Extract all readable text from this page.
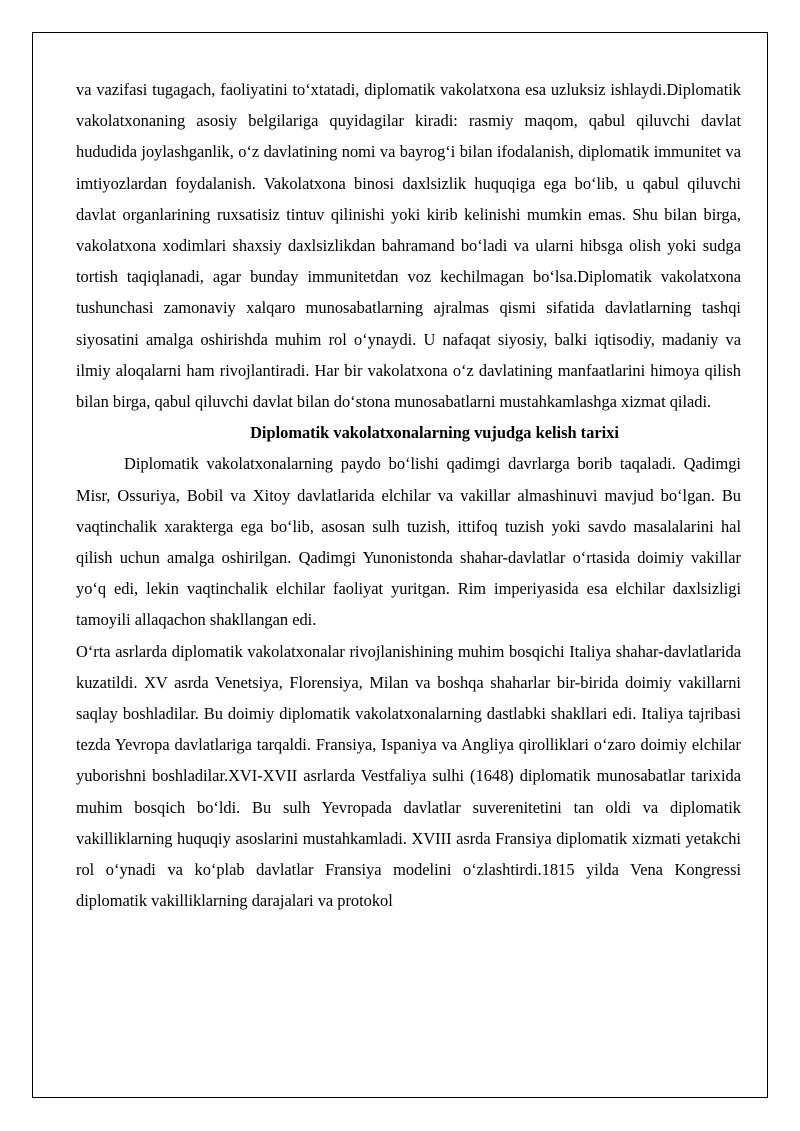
va vazifasi tugagach, faoliyatini to‘xtatadi, diplomatik vakolatxona esa uzluksiz ishlaydi.Diplomatik vakolatxonaning asosiy belgilariga quyidagilar kiradi: rasmiy maqom, qabul qiluvchi davlat hududida joylashganlik, o‘z davlatining nomi va bayrog‘i bilan ifodalanish, diplomatik immunitet va imtiyozlardan foydalanish. Vakolatxona binosi daxlsizlik huquqiga ega bo‘lib, u qabul qiluvchi davlat organlarining ruxsatisiz tintuv qilinishi yoki kirib kelinishi mumkin emas. Shu bilan birga, vakolatxona xodimlari shaxsiy daxlsizlikdan bahramand bo‘ladi va ularni hibsga olish yoki sudga tortish taqiqlanadi, agar bunday immunitetdan voz kechilmagan bo‘lsa.Diplomatik vakolatxona tushunchasi zamonaviy xalqaro munosabatlarning ajralmas qismi sifatida davlatlarning tashqi siyosatini amalga oshirishda muhim rol o‘ynaydi. U nafaqat siyosiy, balki iqtisodiy, madaniy va ilmiy aloqalarni ham rivojlantiradi. Har bir vakolatxona o‘z davlatining manfaatlarini himoya qilish bilan birga, qabul qiluvchi davlat bilan do‘stona munosabatlarni mustahkamlashga xizmat qiladi.

Diplomatik vakolatxonalarning vujudga kelish tarixi

Diplomatik vakolatxonalarning paydo bo‘lishi qadimgi davrlarga borib taqaladi. Qadimgi Misr, Ossuriya, Bobil va Xitoy davlatlarida elchilar va vakillar almashinuvi mavjud bo‘lgan. Bu vaqtinchalik xarakterga ega bo‘lib, asosan sulh tuzish, ittifoq tuzish yoki savdo masalalarini hal qilish uchun amalga oshirilgan. Qadimgi Yunonistonda shahar-davlatlar o‘rtasida doimiy vakillar yo‘q edi, lekin vaqtinchalik elchilar faoliyat yuritgan. Rim imperiyasida esa elchilar daxlsizligi tamoyili allaqachon shakllangan edi.

O‘rta asrlarda diplomatik vakolatxonalar rivojlanishining muhim bosqichi Italiya shahar-davlatlarida kuzatildi. XV asrda Venetsiya, Florensiya, Milan va boshqa shaharlar bir-birida doimiy vakillarni saqlay boshladilar. Bu doimiy diplomatik vakolatxonalarning dastlabki shakllari edi. Italiya tajribasi tezda Yevropa davlatlariga tarqaldi. Fransiya, Ispaniya va Angliya qirolliklari o‘zaro doimiy elchilar yuborishni boshladilar.XVI-XVII asrlarda Vestfaliya sulhi (1648) diplomatik munosabatlar tarixida muhim bosqich bo‘ldi. Bu sulh Yevropada davlatlar suverenitetini tan oldi va diplomatik vakilliklarning huquqiy asoslarini mustahkamladi. XVIII asrda Fransiya diplomatik xizmati yetakchi rol o‘ynadi va ko‘plab davlatlar Fransiya modelini o‘zlashtirdi.1815 yilda Vena Kongressi diplomatik vakilliklarning darajalari va protokol
